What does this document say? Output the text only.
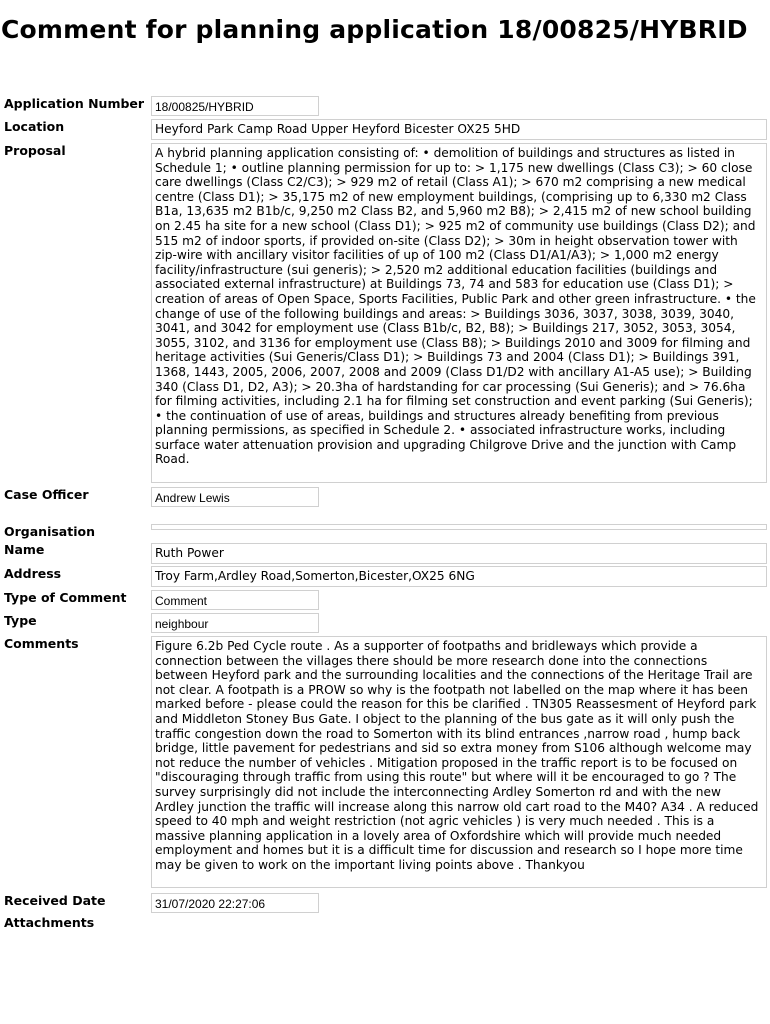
Comment for planning application 18/00825/HYBRID
Application Number 18/00825/HYBRID
Location	Heyford Park Camp Road Upper Heyford Bicester OX25 5HD
Proposal	A hybrid planning application consisting of: • demolition of buildings and structures as listed in Schedule 1; • outline planning permission for up to: > 1,175 new dwellings (Class C3); > 60 close care dwellings (Class C2/C3); > 929 m2 of retail (Class A1); > 670 m2 comprising a new medical centre (Class D1); > 35,175 m2 of new employment buildings, (comprising up to 6,330 m2 Class B1a, 13,635 m2 B1b/c, 9,250 m2 Class B2, and 5,960 m2 B8); > 2,415 m2 of new school building on 2.45 ha site for a new school (Class D1); > 925 m2 of community use buildings (Class D2); and 515 m2 of indoor sports, if provided on-site (Class D2); > 30m in height observation tower with zip-wire with ancillary visitor facilities of up of 100 m2 (Class D1/A1/A3); > 1,000 m2 energy facility/infrastructure (sui generis); > 2,520 m2 additional education facilities (buildings and associated external infrastructure) at Buildings 73, 74 and 583 for education use (Class D1); > creation of areas of Open Space, Sports Facilities, Public Park and other green infrastructure. • the change of use of the following buildings and areas: > Buildings 3036, 3037, 3038, 3039, 3040, 3041, and 3042 for employment use (Class B1b/c, B2, B8); > Buildings 217, 3052, 3053, 3054, 3055, 3102, and 3136 for employment use (Class B8); > Buildings 2010 and 3009 for filming and heritage activities (Sui Generis/Class D1); > Buildings 73 and 2004 (Class D1); > Buildings 391, 1368, 1443, 2005, 2006, 2007, 2008 and 2009 (Class D1/D2 with ancillary A1-A5 use); > Building 340 (Class D1, D2, A3); > 20.3ha of hardstanding for car processing (Sui Generis); and > 76.6ha for filming activities, including 2.1 ha for filming set construction and event parking (Sui Generis); • the continuation of use of areas, buildings and structures already benefiting from previous planning permissions, as specified in Schedule 2. • associated infrastructure works, including surface water attenuation provision and upgrading Chilgrove Drive and the junction with Camp Road.
Case Officer	Andrew Lewis
Organisation
Name	Ruth Power
Address	Troy Farm,Ardley Road,Somerton,Bicester,OX25 6NG
Type of Comment	Comment
Type	neighbour
Comments	Figure 6.2b Ped Cycle route . As a supporter of footpaths and bridleways which provide a connection between the villages there should be more research done into the connections between Heyford park and the surrounding localities and the connections of the Heritage Trail are not clear. A footpath is a PROW so why is the footpath not labelled on the map where it has been marked before - please could the reason for this be clarified . TN305 Reassesment of Heyford park and Middleton Stoney Bus Gate. I object to the planning of the bus gate as it will only push the traffic congestion down the road to Somerton with its blind entrances ,narrow road , hump back bridge, little pavement for pedestrians and sid so extra money from S106 although welcome may not reduce the number of vehicles . Mitigation proposed in the traffic report is to be focused on "discouraging through traffic from using this route" but where will it be encouraged to go ? The survey surprisingly did not include the interconnecting Ardley Somerton rd and with the new Ardley junction the traffic will increase along this narrow old cart road to the M40? A34 . A reduced speed to 40 mph and weight restriction (not agric vehicles ) is very much needed . This is a massive planning application in a lovely area of Oxfordshire which will provide much needed employment and homes but it is a difficult time for discussion and research so I hope more time may be given to work on the important living points above . Thankyou
Received Date	31/07/2020 22:27:06
Attachments
